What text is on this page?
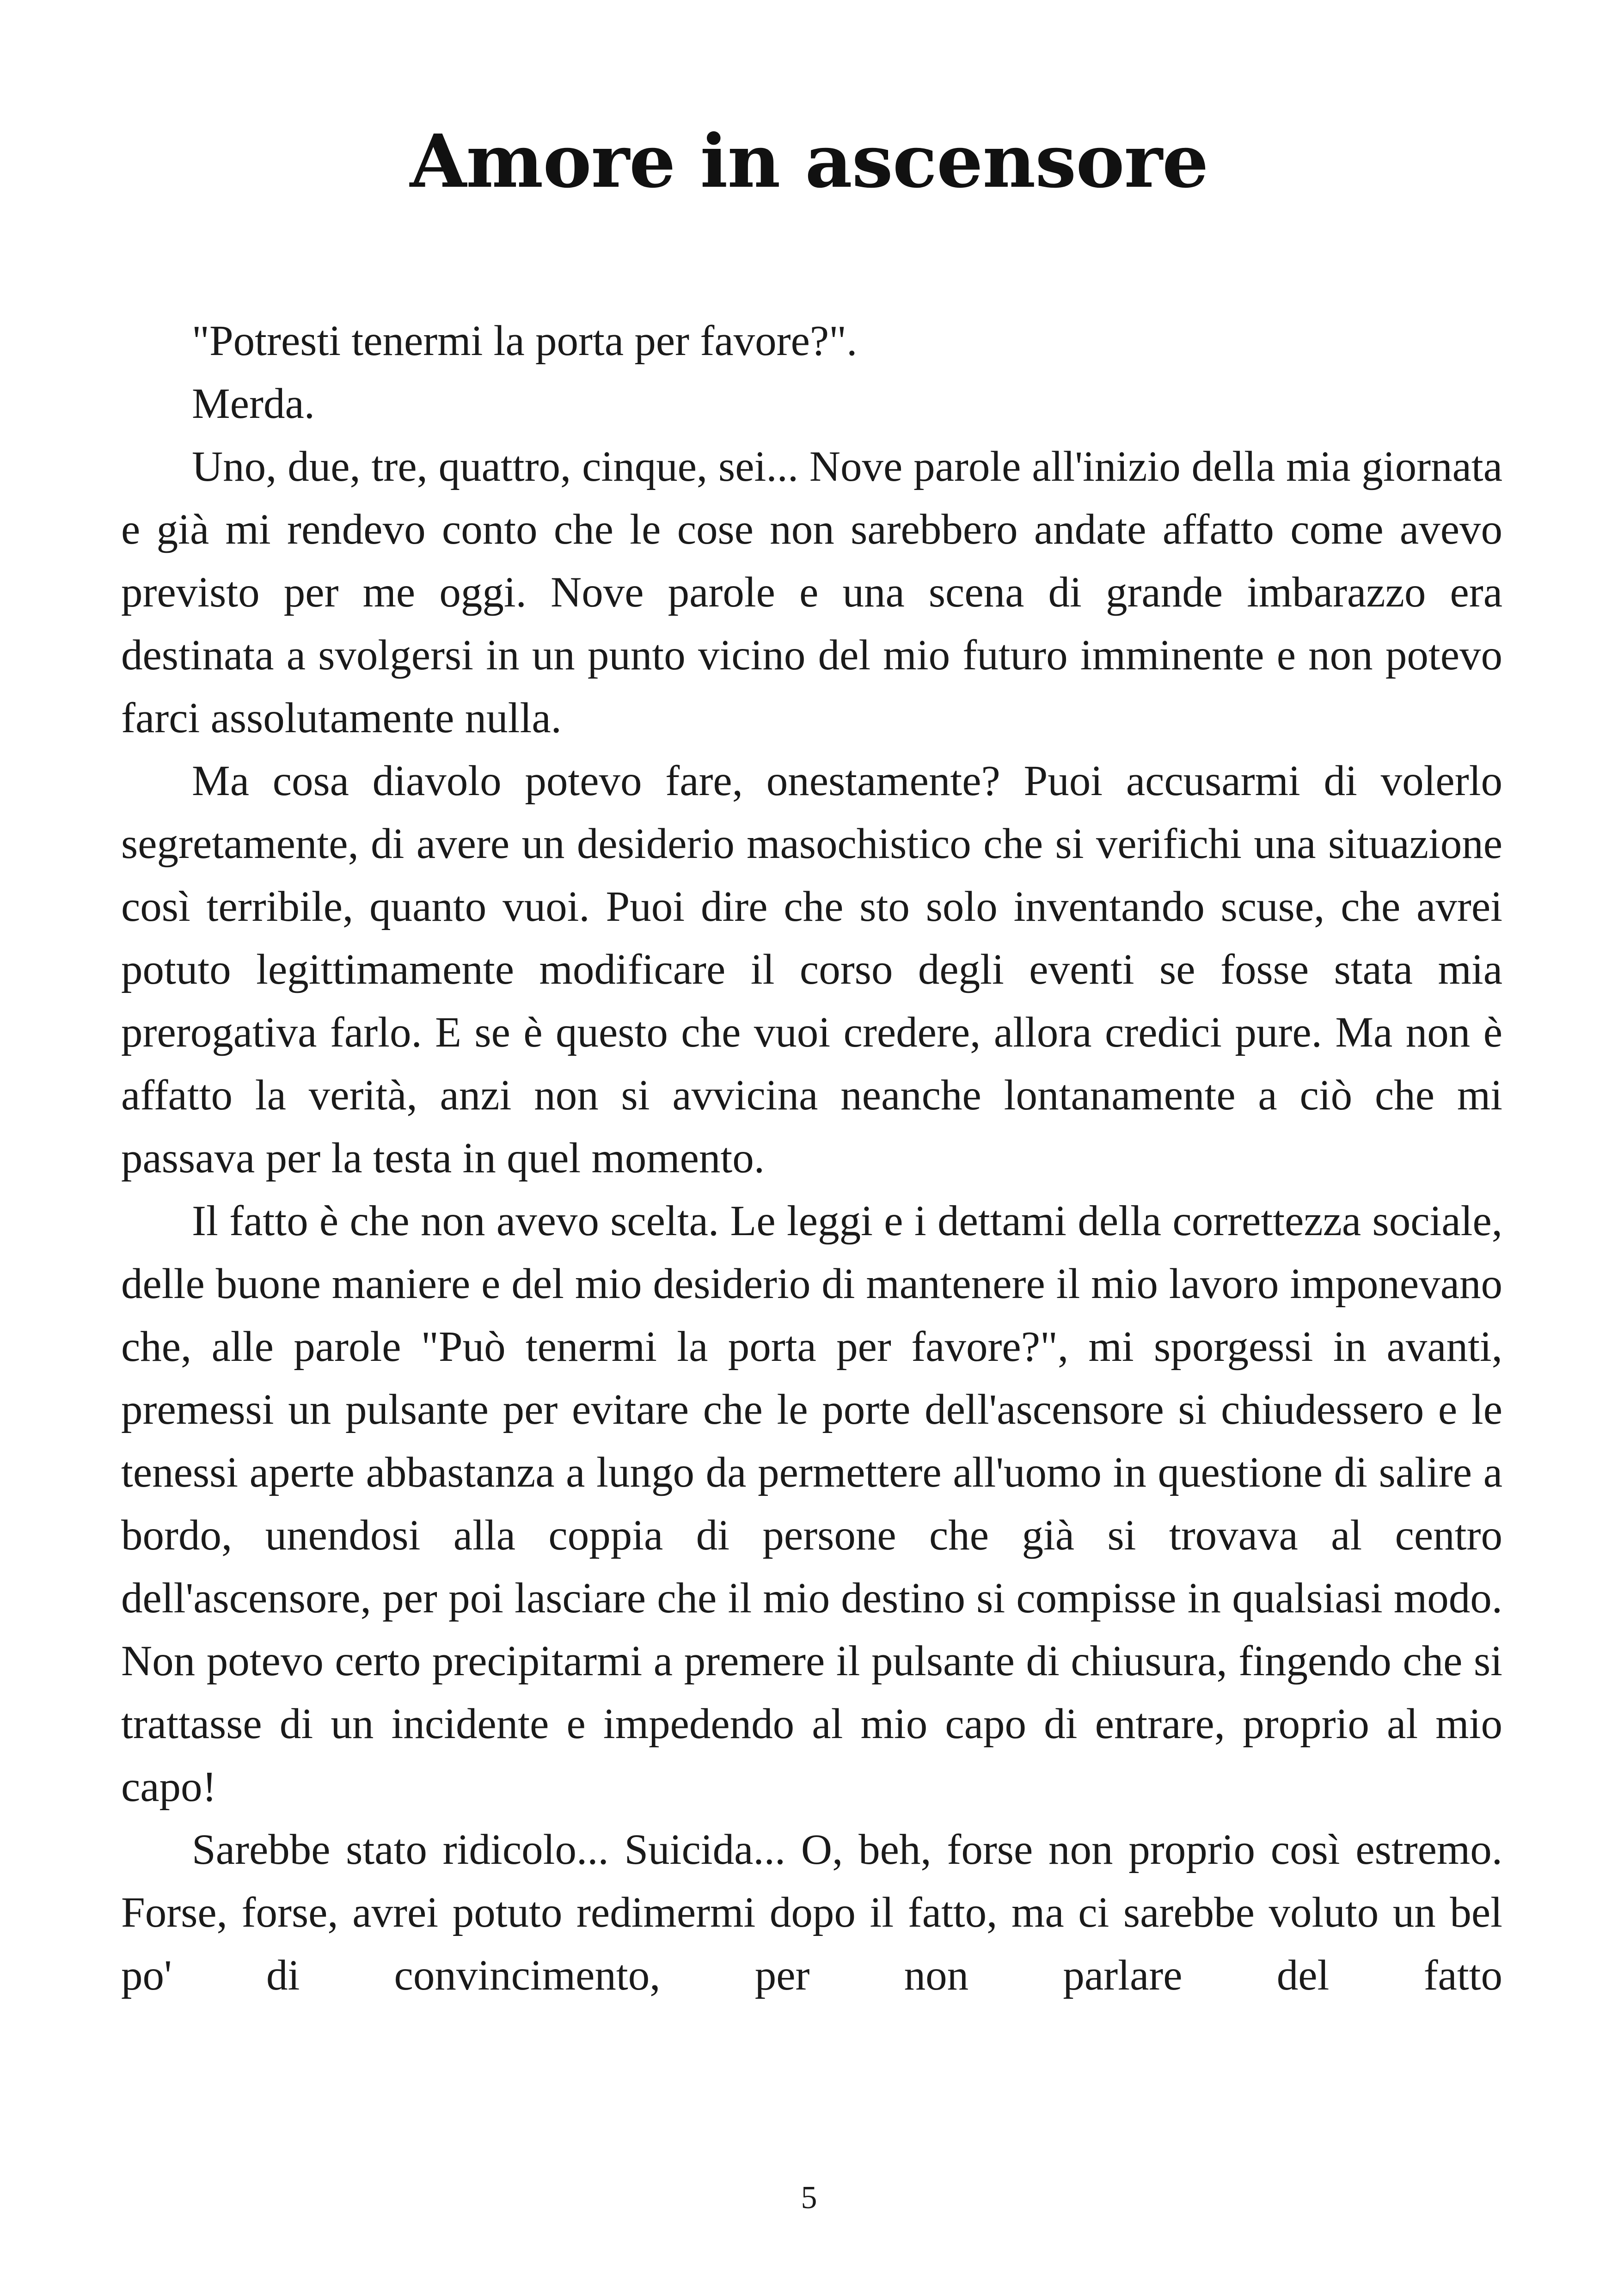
Amore in ascensore

"Potresti tenermi la porta per favore?".

Merda.

Uno, due, tre, quattro, cinque, sei... Nove parole all'inizio della mia giornata e già mi rendevo conto che le cose non sarebbero andate affatto come avevo previsto per me oggi. Nove parole e una scena di grande imbarazzo era destinata a svolgersi in un punto vicino del mio futuro imminente e non potevo farci assolutamente nulla.

Ma cosa diavolo potevo fare, onestamente? Puoi accusarmi di volerlo segretamente, di avere un desiderio masochistico che si verifichi una situazione così terribile, quanto vuoi. Puoi dire che sto solo inventando scuse, che avrei potuto legittimamente modificare il corso degli eventi se fosse stata mia prerogativa farlo. E se è questo che vuoi credere, allora credici pure. Ma non è affatto la verità, anzi non si avvicina neanche lontanamente a ciò che mi passava per la testa in quel momento.

Il fatto è che non avevo scelta. Le leggi e i dettami della correttezza sociale, delle buone maniere e del mio desiderio di mantenere il mio lavoro imponevano che, alle parole "Può tenermi la porta per favore?", mi sporgessi in avanti, premessi un pulsante per evitare che le porte dell'ascensore si chiudessero e le tenessi aperte abbastanza a lungo da permettere all'uomo in questione di salire a bordo, unendosi alla coppia di persone che già si trovava al centro dell'ascensore, per poi lasciare che il mio destino si compisse in qualsiasi modo. Non potevo certo precipitarmi a premere il pulsante di chiusura, fingendo che si trattasse di un incidente e impedendo al mio capo di entrare, proprio al mio capo!

Sarebbe stato ridicolo... Suicida... O, beh, forse non proprio così estremo. Forse, forse, avrei potuto redimermi dopo il fatto, ma ci sarebbe voluto un bel po' di convincimento, per non parlare del fatto

5
